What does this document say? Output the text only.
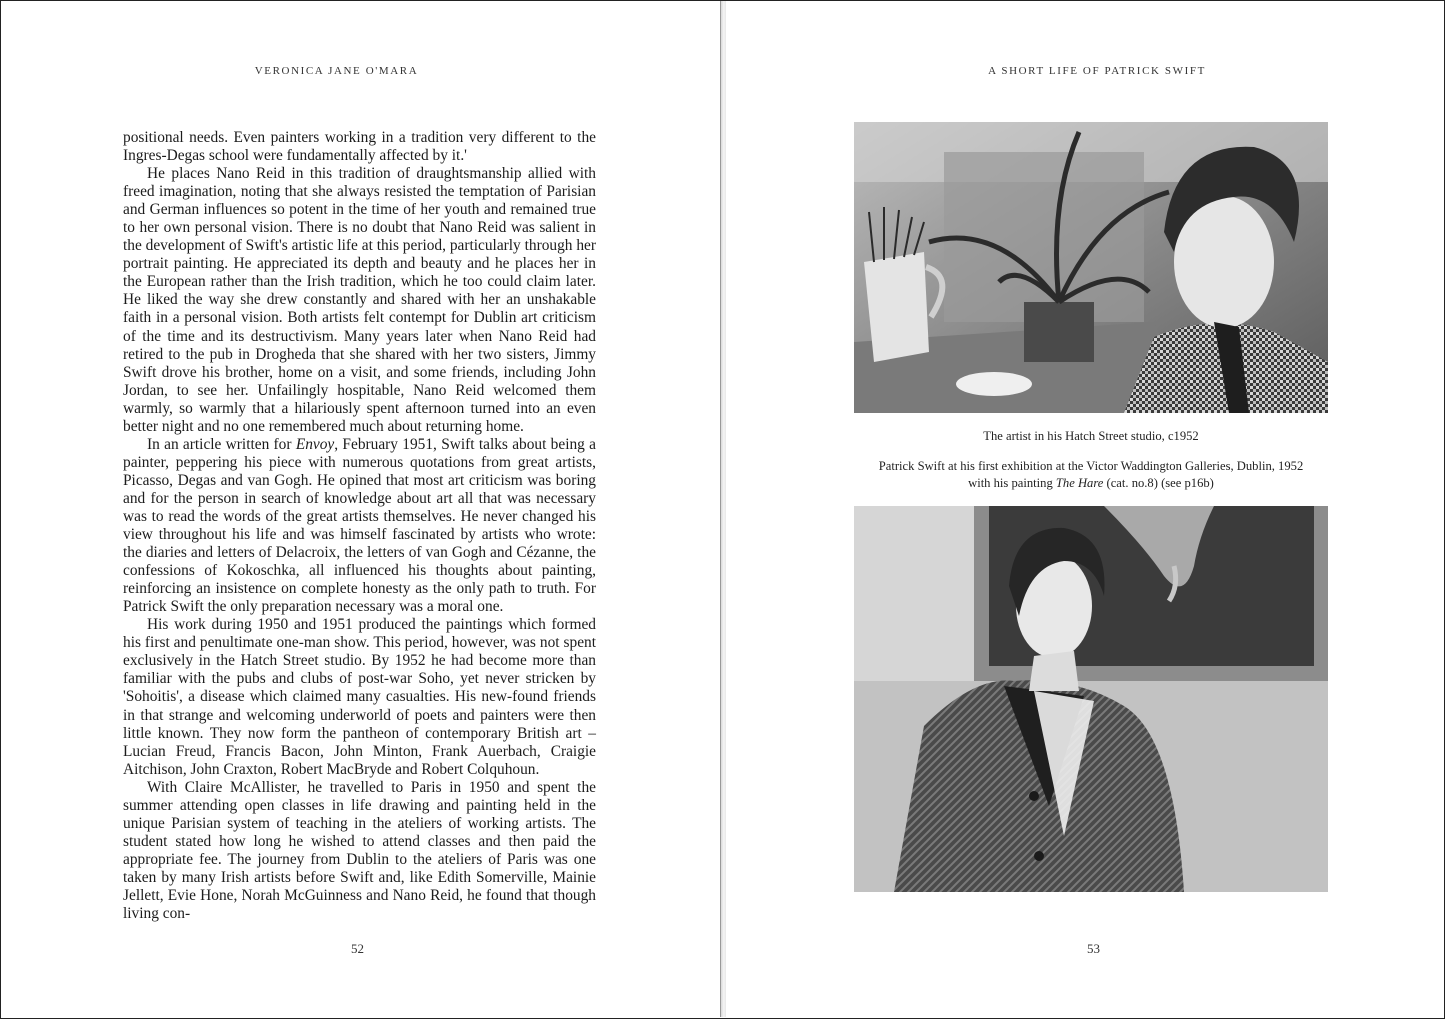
VERONICA JANE O'MARA

positional needs. Even painters working in a tradition very different to the Ingres-Degas school were fundamentally affected by it.'

He places Nano Reid in this tradition of draughtsmanship allied with freed imagination, noting that she always resisted the temptation of Parisian and German influences so potent in the time of her youth and remained true to her own personal vision. There is no doubt that Nano Reid was salient in the development of Swift's artistic life at this period, particularly through her portrait painting. He appreciated its depth and beauty and he places her in the European rather than the Irish tradition, which he too could claim later. He liked the way she drew constantly and shared with her an unshakable faith in a personal vision. Both artists felt contempt for Dublin art criticism of the time and its destructivism. Many years later when Nano Reid had retired to the pub in Drogheda that she shared with her two sisters, Jimmy Swift drove his brother, home on a visit, and some friends, including John Jordan, to see her. Unfailingly hospitable, Nano Reid welcomed them warmly, so warmly that a hilariously spent afternoon turned into an even better night and no one remembered much about returning home.

In an article written for Envoy, February 1951, Swift talks about being a painter, peppering his piece with numerous quotations from great artists, Picasso, Degas and van Gogh. He opined that most art criticism was boring and for the person in search of knowledge about art all that was necessary was to read the words of the great artists themselves. He never changed his view throughout his life and was himself fascinated by artists who wrote: the diaries and letters of Delacroix, the letters of van Gogh and Cézanne, the confessions of Kokoschka, all influenced his thoughts about painting, reinforcing an insistence on complete honesty as the only path to truth. For Patrick Swift the only preparation necessary was a moral one.

His work during 1950 and 1951 produced the paintings which formed his first and penultimate one-man show. This period, however, was not spent exclusively in the Hatch Street studio. By 1952 he had become more than familiar with the pubs and clubs of post-war Soho, yet never stricken by 'Sohoitis', a disease which claimed many casualties. His new-found friends in that strange and welcoming underworld of poets and painters were then little known. They now form the pantheon of contemporary British art – Lucian Freud, Francis Bacon, John Minton, Frank Auerbach, Craigie Aitchison, John Craxton, Robert MacBryde and Robert Colquhoun.

With Claire McAllister, he travelled to Paris in 1950 and spent the summer attending open classes in life drawing and painting held in the unique Parisian system of teaching in the ateliers of working artists. The student stated how long he wished to attend classes and then paid the appropriate fee. The journey from Dublin to the ateliers of Paris was one taken by many Irish artists before Swift and, like Edith Somerville, Mainie Jellett, Evie Hone, Norah McGuinness and Nano Reid, he found that though living con-

52
A SHORT LIFE OF PATRICK SWIFT
The artist in his Hatch Street studio, c1952
Patrick Swift at his first exhibition at the Victor Waddington Galleries, Dublin, 1952
with his painting The Hare (cat. no.8) (see p16b)
53
